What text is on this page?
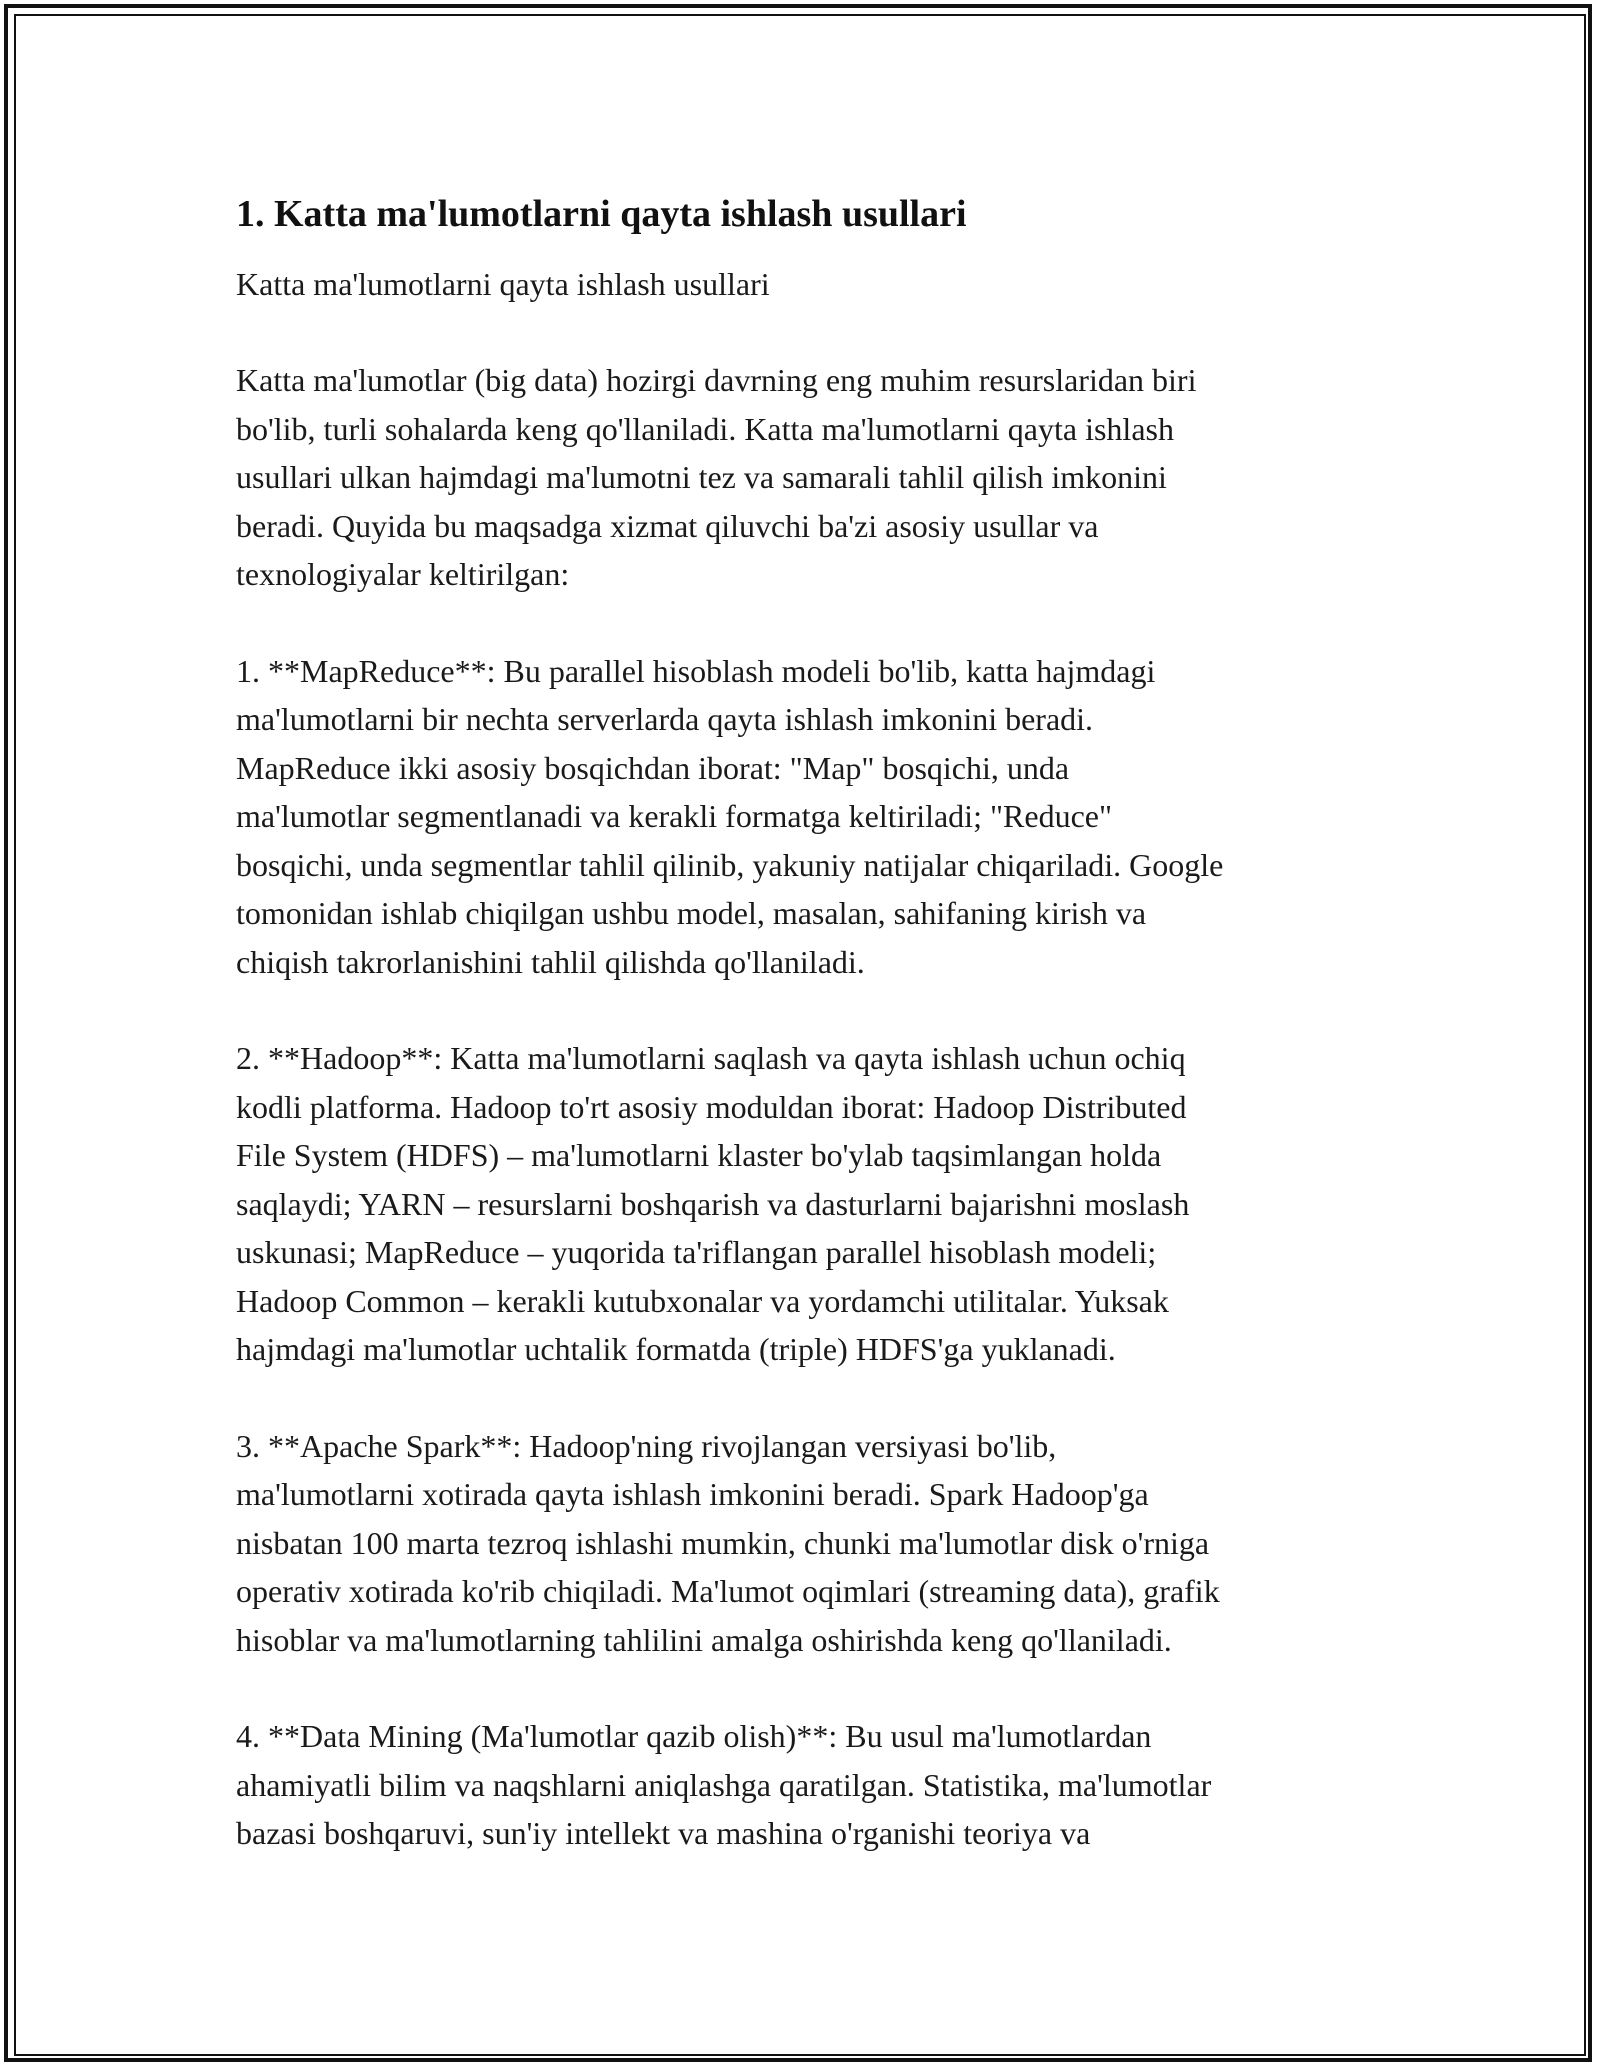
1. Katta ma'lumotlarni qayta ishlash usullari

Katta ma'lumotlarni qayta ishlash usullari

Katta ma'lumotlar (big data) hozirgi davrning eng muhim resurslaridan biri
bo'lib, turli sohalarda keng qo'llaniladi. Katta ma'lumotlarni qayta ishlash
usullari ulkan hajmdagi ma'lumotni tez va samarali tahlil qilish imkonini
beradi. Quyida bu maqsadga xizmat qiluvchi ba'zi asosiy usullar va
texnologiyalar keltirilgan:

1. **MapReduce**: Bu parallel hisoblash modeli bo'lib, katta hajmdagi
ma'lumotlarni bir nechta serverlarda qayta ishlash imkonini beradi.
MapReduce ikki asosiy bosqichdan iborat: "Map" bosqichi, unda
ma'lumotlar segmentlanadi va kerakli formatga keltiriladi; "Reduce"
bosqichi, unda segmentlar tahlil qilinib, yakuniy natijalar chiqariladi. Google
tomonidan ishlab chiqilgan ushbu model, masalan, sahifaning kirish va
chiqish takrorlanishini tahlil qilishda qo'llaniladi.

2. **Hadoop**: Katta ma'lumotlarni saqlash va qayta ishlash uchun ochiq
kodli platforma. Hadoop to'rt asosiy moduldan iborat: Hadoop Distributed
File System (HDFS) – ma'lumotlarni klaster bo'ylab taqsimlangan holda
saqlaydi; YARN – resurslarni boshqarish va dasturlarni bajarishni moslash
uskunasi; MapReduce – yuqorida ta'riflangan parallel hisoblash modeli;
Hadoop Common – kerakli kutubxonalar va yordamchi utilitalar. Yuksak
hajmdagi ma'lumotlar uchtalik formatda (triple) HDFS'ga yuklanadi.

3. **Apache Spark**: Hadoop'ning rivojlangan versiyasi bo'lib,
ma'lumotlarni xotirada qayta ishlash imkonini beradi. Spark Hadoop'ga
nisbatan 100 marta tezroq ishlashi mumkin, chunki ma'lumotlar disk o'rniga
operativ xotirada ko'rib chiqiladi. Ma'lumot oqimlari (streaming data), grafik
hisoblar va ma'lumotlarning tahlilini amalga oshirishda keng qo'llaniladi.

4. **Data Mining (Ma'lumotlar qazib olish)**: Bu usul ma'lumotlardan
ahamiyatli bilim va naqshlarni aniqlashga qaratilgan. Statistika, ma'lumotlar
bazasi boshqaruvi, sun'iy intellekt va mashina o'rganishi teoriya va
